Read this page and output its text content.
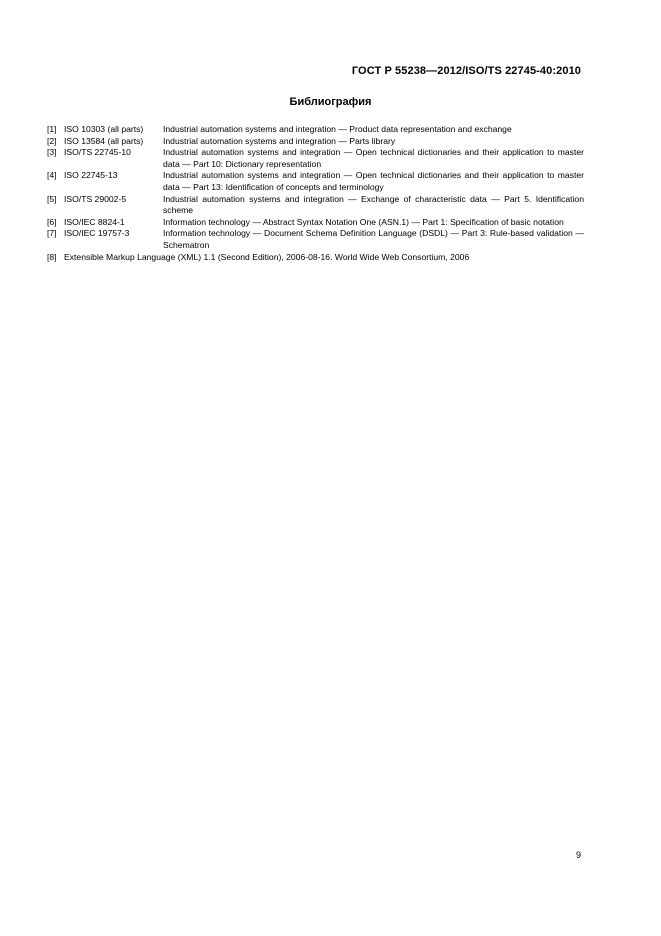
ГОСТ Р 55238—2012/ISO/TS 22745-40:2010
Библиография
[1] ISO 10303 (all parts)	Industrial automation systems and integration — Product data representation and exchange
[2] ISO 13584 (all parts)	Industrial automation systems and integration — Parts library
[3] ISO/TS 22745-10	Industrial automation systems and integration — Open technical dictionaries and their application to master data — Part 10: Dictionary representation
[4] ISO 22745-13	Industrial automation systems and integration — Open technical dictionaries and their application to master data — Part 13: Identification of concepts and terminology
[5] ISO/TS 29002-5	Industrial automation systems and integration — Exchange of characteristic data — Part 5. Identification scheme
[6] ISO/IEC 8824-1	Information technology — Abstract Syntax Notation One (ASN.1) — Part 1: Specification of basic notation
[7] ISO/IEC 19757-3	Information technology — Document Schema Definition Language (DSDL) — Part 3: Rule-based validation — Schematron
[8] Extensible Markup Language (XML) 1.1 (Second Edition), 2006-08-16. World Wide Web Consortium, 2006
9
